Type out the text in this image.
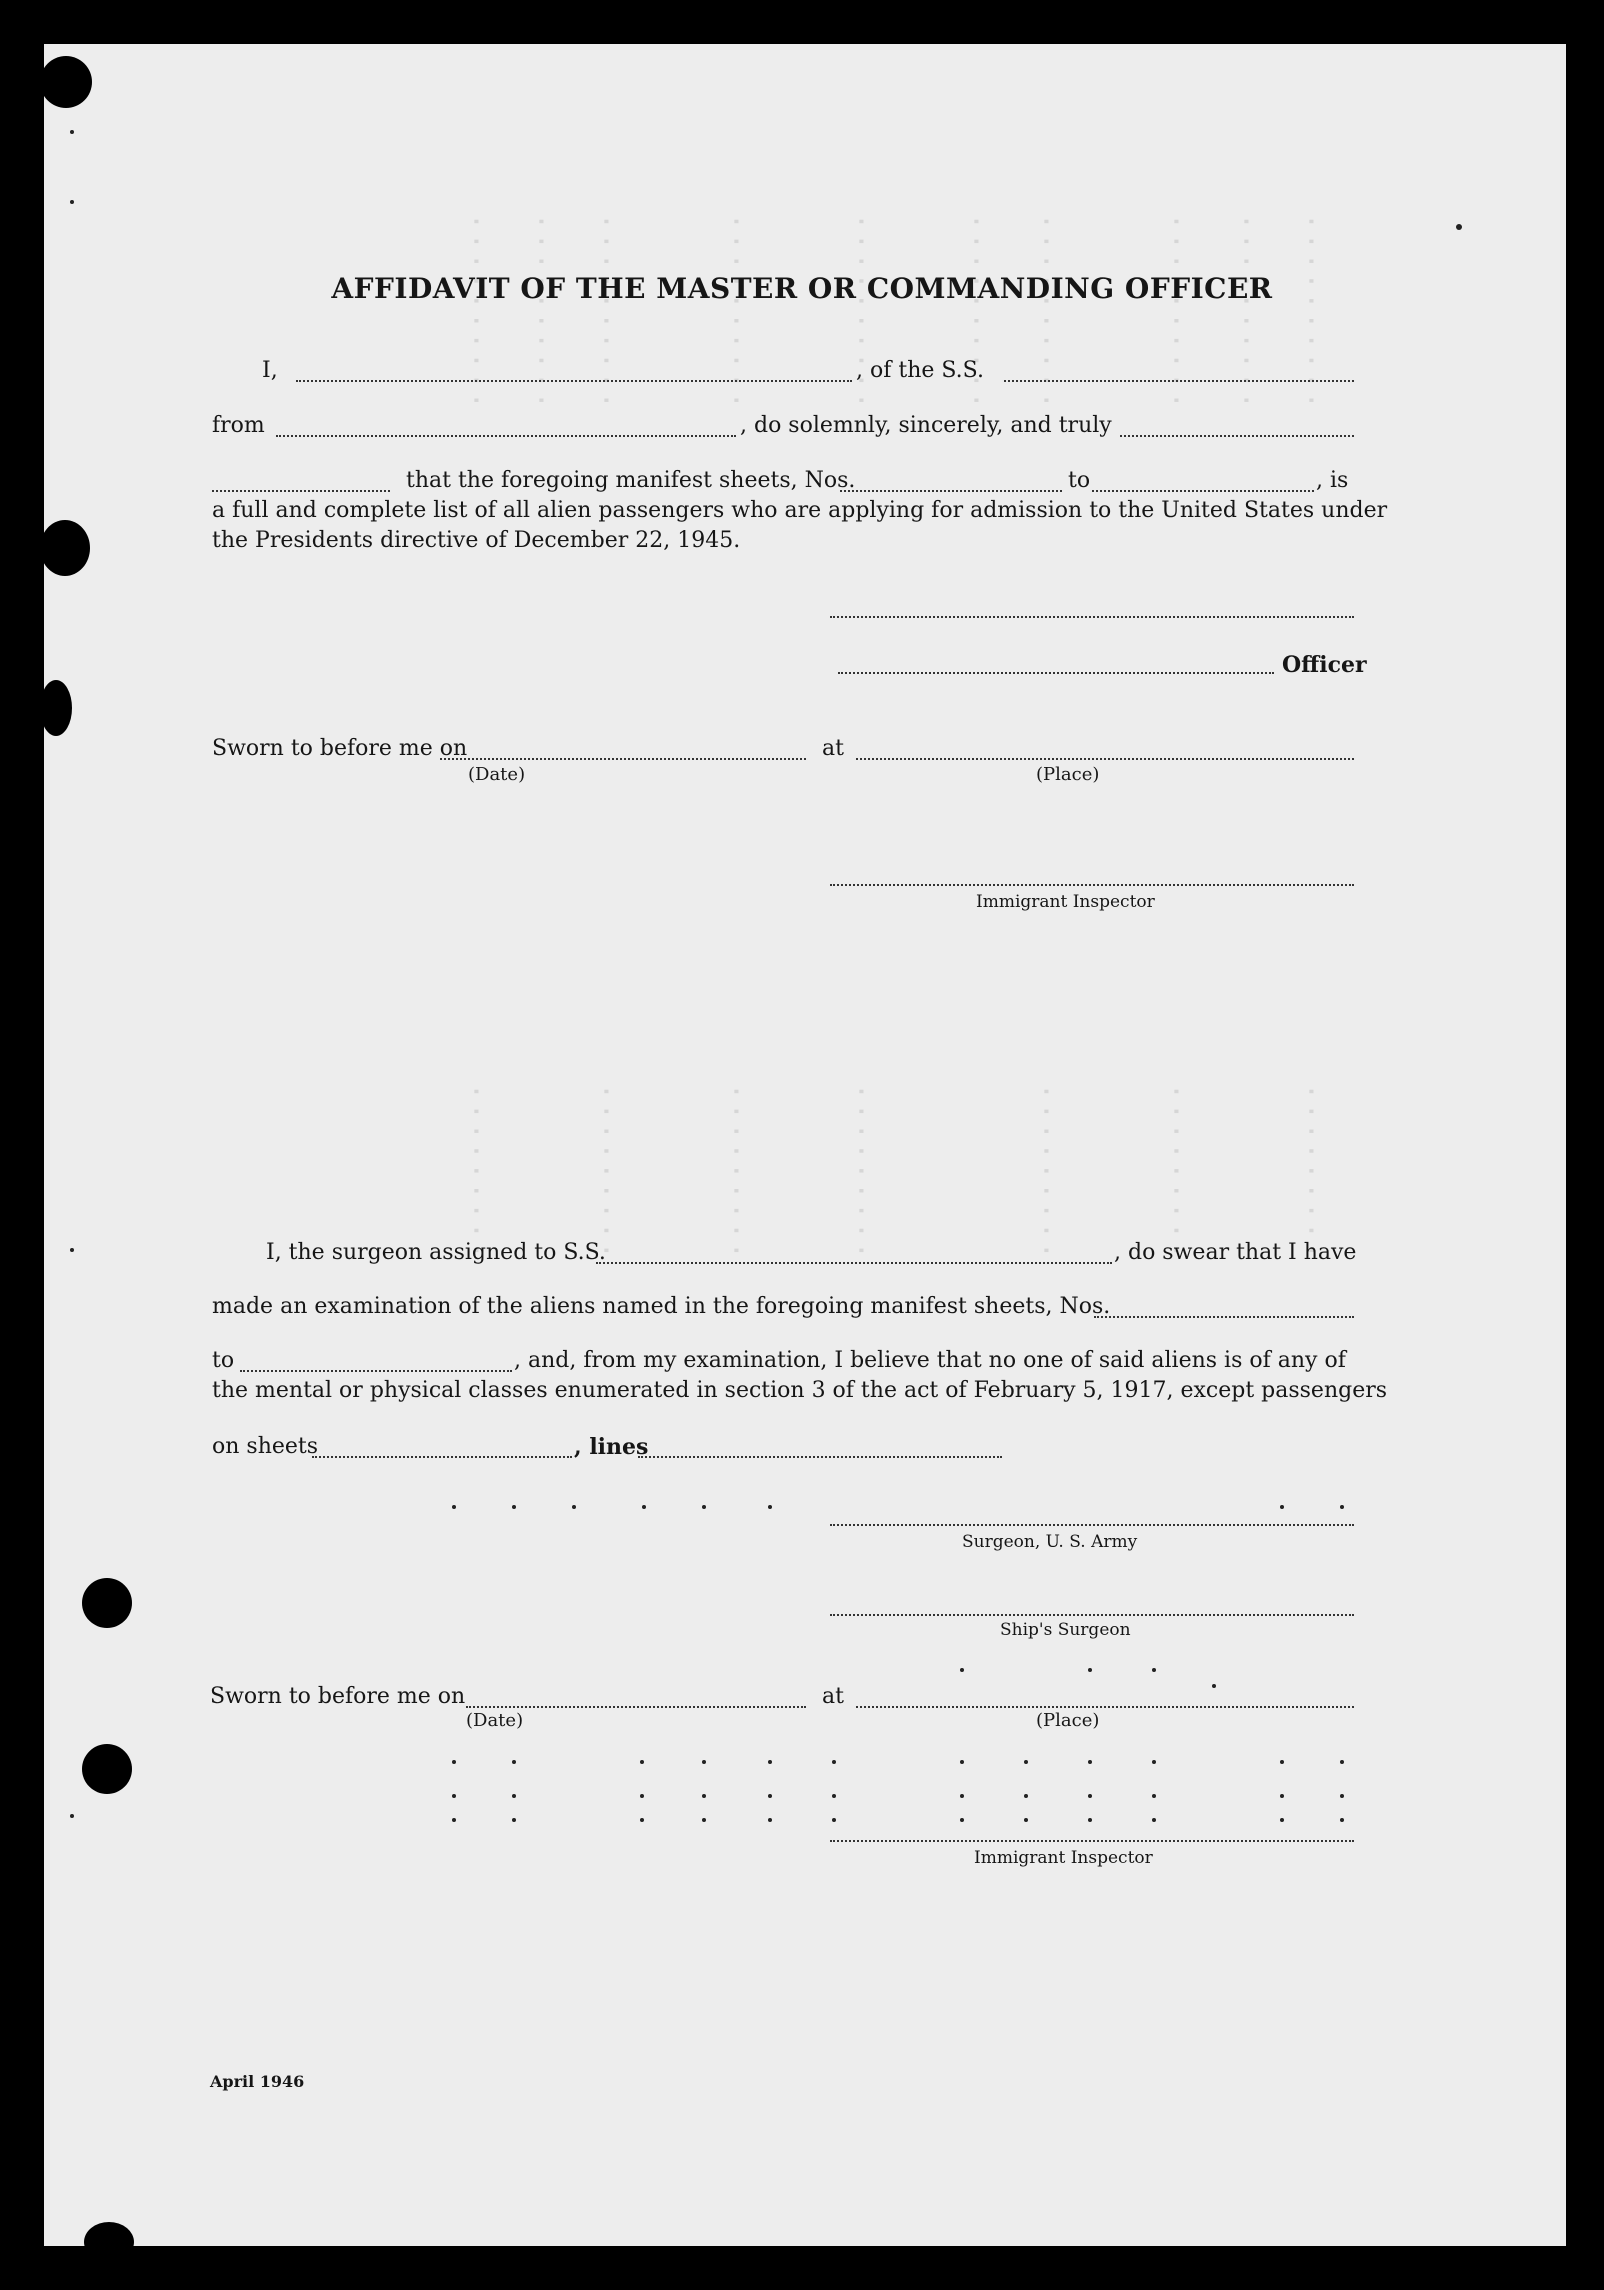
··········
··········
··········
··········
··········
··········
··········
··········
··········
··········
·········
·········
·········
·········
·········
·········
·········
AFFIDAVIT OF THE MASTER OR COMMANDING OFFICER
I,	, of the S.S.
from	, do solemnly, sincerely, and truly
that the foregoing manifest sheets, Nos.	to	, is
a full and complete list of all alien passengers who are applying for admission to the United States under
the Presidents directive of December 22, 1945.
Officer
Sworn to before me on	at
(Date)	(Place)
Immigrant Inspector
I, the surgeon assigned to S.S.	, do swear that I have
made an examination of the aliens named in the foregoing manifest sheets, Nos.
to	, and, from my examination, I believe that no one of said aliens is of any of
the mental or physical classes enumerated in section 3 of the act of February 5, 1917, except passengers
on sheets	, lines
Surgeon, U. S. Army
Ship's Surgeon
Sworn to before me on	at
(Date)	(Place)
Immigrant Inspector
April 1946
